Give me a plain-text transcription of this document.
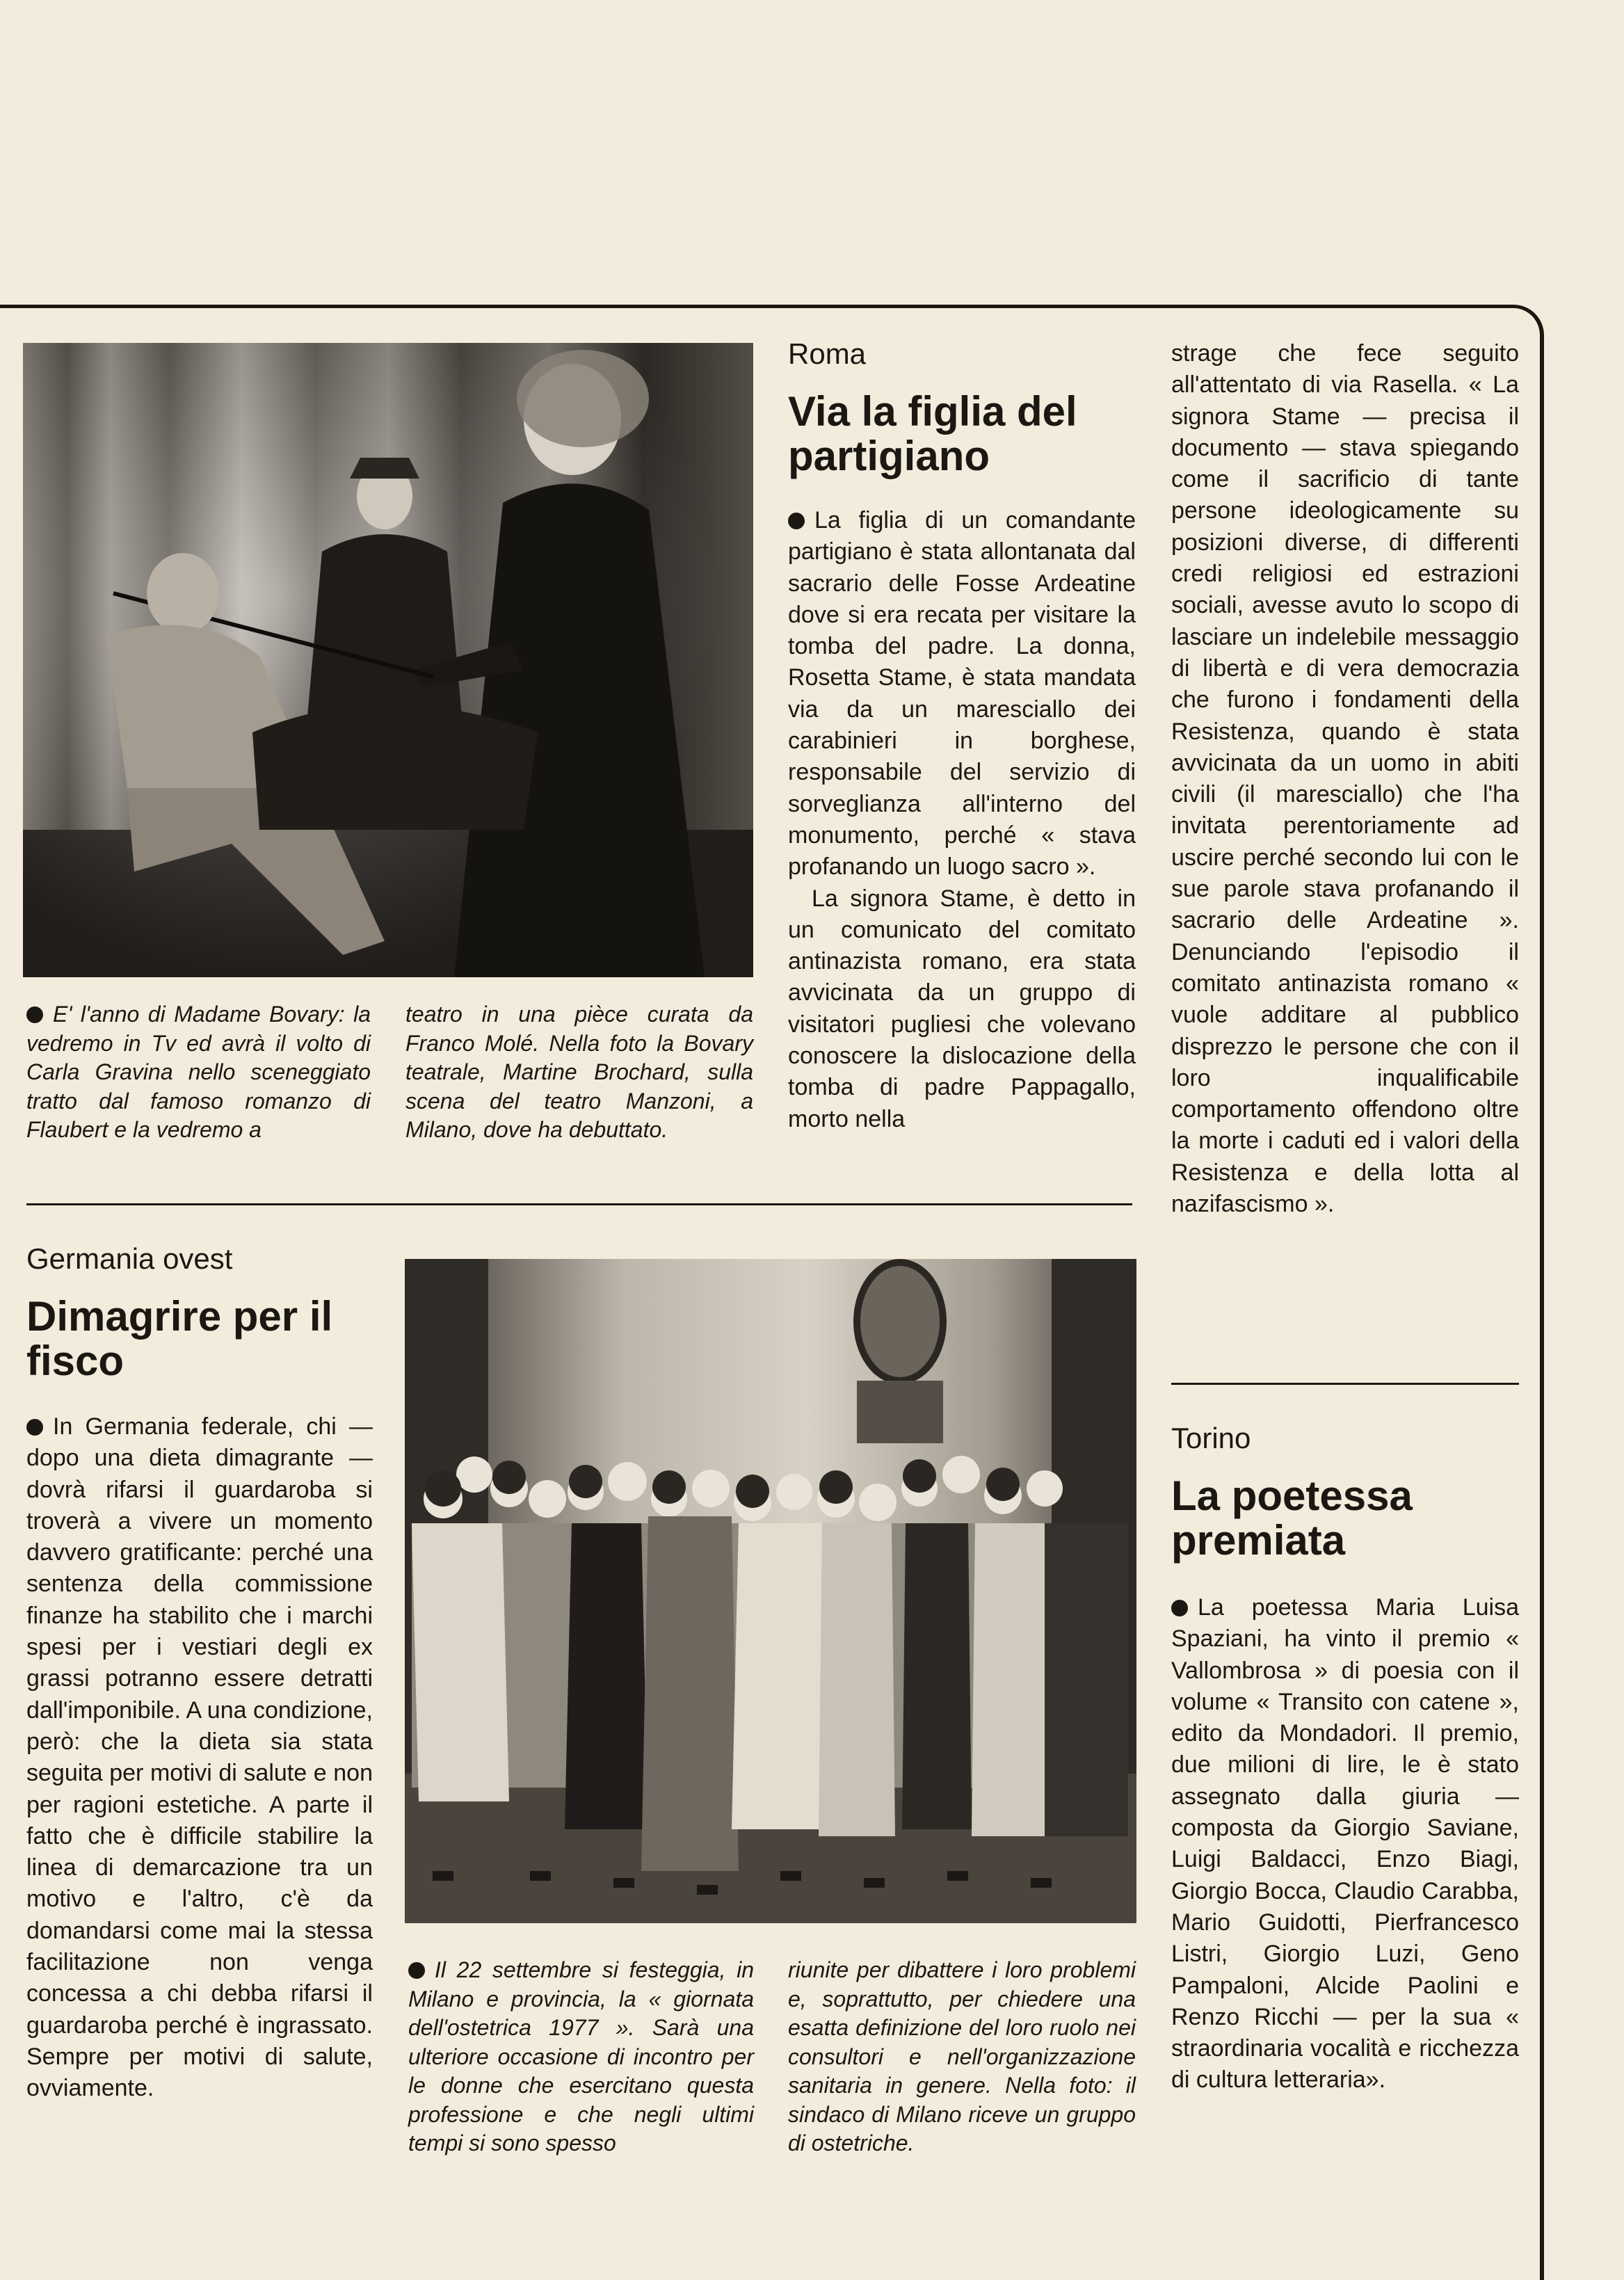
E' l'anno di Madame Bovary: la vedremo in Tv ed avrà il volto di Carla Gravina nello sceneggiato tratto dal famoso romanzo di Flaubert e la vedremo a

teatro in una pièce curata da Franco Molé. Nella foto la Bovary teatrale, Martine Brochard, sulla scena del teatro Manzoni, a Milano, dove ha debuttato.

Roma
Via la figlia del partigiano

La figlia di un comandante partigiano è stata allontanata dal sacrario delle Fosse Ardeatine dove si era recata per visitare la tomba del padre. La donna, Rosetta Stame, è stata mandata via da un maresciallo dei carabinieri in borghese, responsabile del servizio di sorveglianza all'interno del monumento, perché « stava profanando un luogo sacro ».

La signora Stame, è detto in un comunicato del comitato antinazista romano, era stata avvicinata da un gruppo di visitatori pugliesi che volevano conoscere la dislocazione della tomba di padre Pappagallo, morto nella

strage che fece seguito all'attentato di via Rasella. « La signora Stame — precisa il documento — stava spiegando come il sacrificio di tante persone ideologicamente su posizioni diverse, di differenti credi religiosi ed estrazioni sociali, avesse avuto lo scopo di lasciare un indelebile messaggio di libertà e di vera democrazia che furono i fondamenti della Resistenza, quando è stata avvicinata da un uomo in abiti civili (il maresciallo) che l'ha invitata perentoriamente ad uscire perché secondo lui con le sue parole stava profanando il sacrario delle Ardeatine ». Denunciando l'episodio il comitato antinazista romano « vuole additare al pubblico disprezzo le persone che con il loro inqualificabile comportamento offendono oltre la morte i caduti ed i valori della Resistenza e della lotta al nazifascismo ».

Germania ovest
Dimagrire per il fisco

In Germania federale, chi — dopo una dieta dimagrante — dovrà rifarsi il guardaroba si troverà a vivere un momento davvero gratificante: perché una sentenza della commissione finanze ha stabilito che i marchi spesi per i vestiari degli ex grassi potranno essere detratti dall'imponibile. A una condizione, però: che la dieta sia stata seguita per motivi di salute e non per ragioni estetiche. A parte il fatto che è difficile stabilire la linea di demarcazione tra un motivo e l'altro, c'è da domandarsi come mai la stessa facilitazione non venga concessa a chi debba rifarsi il guardaroba perché è ingrassato. Sempre per motivi di salute, ovviamente.

Il 22 settembre si festeggia, in Milano e provincia, la « giornata dell'ostetrica 1977 ». Sarà una ulteriore occasione di incontro per le donne che esercitano questa professione e che negli ultimi tempi si sono spesso

riunite per dibattere i loro problemi e, soprattutto, per chiedere una esatta definizione del loro ruolo nei consultori e nell'organizzazione sanitaria in genere. Nella foto: il sindaco di Milano riceve un gruppo di ostetriche.

Torino
La poetessa premiata

La poetessa Maria Luisa Spaziani, ha vinto il premio « Vallombrosa » di poesia con il volume « Transito con catene », edito da Mondadori. Il premio, due milioni di lire, le è stato assegnato dalla giuria — composta da Giorgio Saviane, Luigi Baldacci, Enzo Biagi, Giorgio Bocca, Claudio Carabba, Mario Guidotti, Pierfrancesco Listri, Giorgio Luzi, Geno Pampaloni, Alcide Paolini e Renzo Ricchi — per la sua « straordinaria vocalità e ricchezza di cultura letteraria».
